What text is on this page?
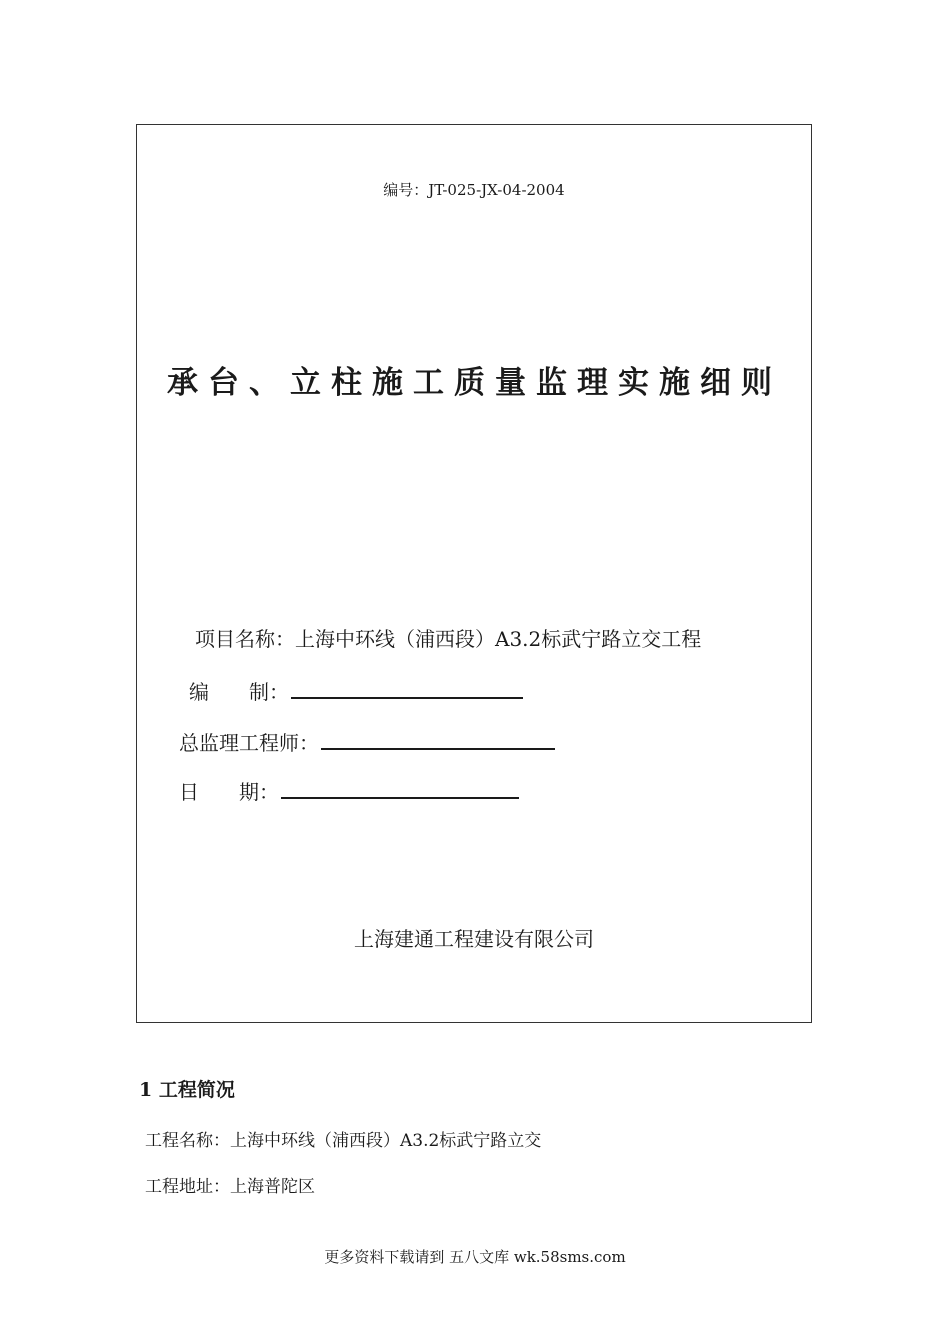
编号：JT-025-JX-04-2004
承台、立柱施工质量监理实施细则
项目名称：上海中环线（浦西段）A3.2标武宁路立交工程
编　　制：
总监理工程师：
日　　期：
上海建通工程建设有限公司
1 工程简况
工程名称：上海中环线（浦西段）A3.2标武宁路立交
工程地址：上海普陀区
更多资料下载请到 五八文库 wk.58sms.com
